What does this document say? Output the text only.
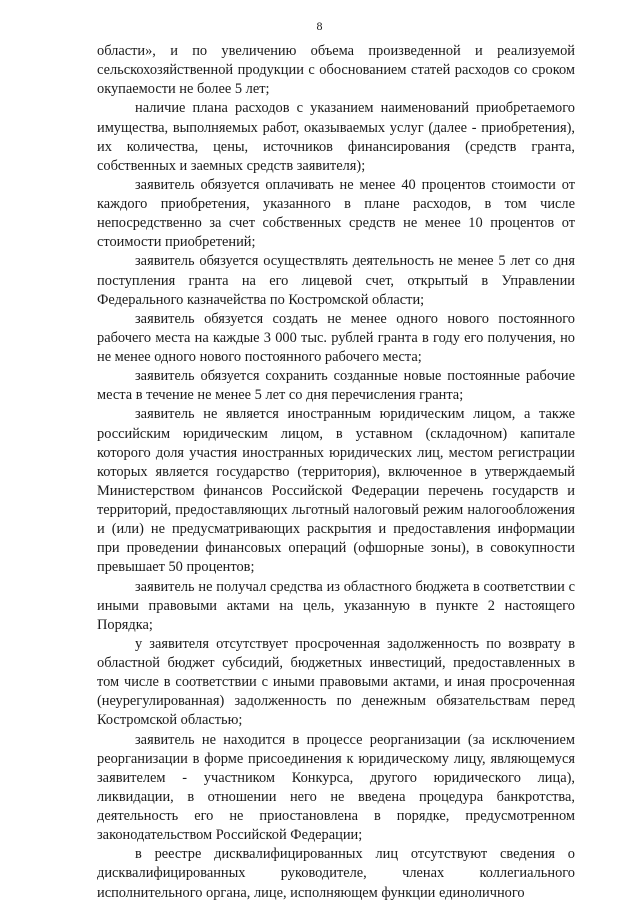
8

области», и по увеличению объема произведенной и реализуемой сельскохозяйственной продукции с обоснованием статей расходов со сроком окупаемости не более 5 лет;

наличие плана расходов с указанием наименований приобретаемого имущества, выполняемых работ, оказываемых услуг (далее - приобретения), их количества, цены, источников финансирования (средств гранта, собственных и заемных средств заявителя);

заявитель обязуется оплачивать не менее 40 процентов стоимости от каждого приобретения, указанного в плане расходов, в том числе непосредственно за счет собственных средств не менее 10 процентов от стоимости приобретений;

заявитель обязуется осуществлять деятельность не менее 5 лет со дня поступления гранта на его лицевой счет, открытый в Управлении Федерального казначейства по Костромской области;

заявитель обязуется создать не менее одного нового постоянного рабочего места на каждые 3 000 тыс. рублей гранта в году его получения, но не менее одного нового постоянного рабочего места;

заявитель обязуется сохранить созданные новые постоянные рабочие места в течение не менее 5 лет со дня перечисления гранта;

заявитель не является иностранным юридическим лицом, а также российским юридическим лицом, в уставном (складочном) капитале которого доля участия иностранных юридических лиц, местом регистрации которых является государство (территория), включенное в утверждаемый Министерством финансов Российской Федерации перечень государств и территорий, предоставляющих льготный налоговый режим налогообложения и (или) не предусматривающих раскрытия и предоставления информации при проведении финансовых операций (офшорные зоны), в совокупности превышает 50 процентов;

заявитель не получал средства из областного бюджета в соответствии с иными правовыми актами на цель, указанную в пункте 2 настоящего Порядка;

у заявителя отсутствует просроченная задолженность по возврату в областной бюджет субсидий, бюджетных инвестиций, предоставленных в том числе в соответствии с иными правовыми актами, и иная просроченная (неурегулированная) задолженность по денежным обязательствам перед Костромской областью;

заявитель не находится в процессе реорганизации (за исключением реорганизации в форме присоединения к юридическому лицу, являющемуся заявителем - участником Конкурса, другого юридического лица), ликвидации, в отношении него не введена процедура банкротства, деятельность его не приостановлена в порядке, предусмотренном законодательством Российской Федерации;

в реестре дисквалифицированных лиц отсутствуют сведения о дисквалифицированных руководителе, членах коллегиального исполнительного органа, лице, исполняющем функции единоличного
